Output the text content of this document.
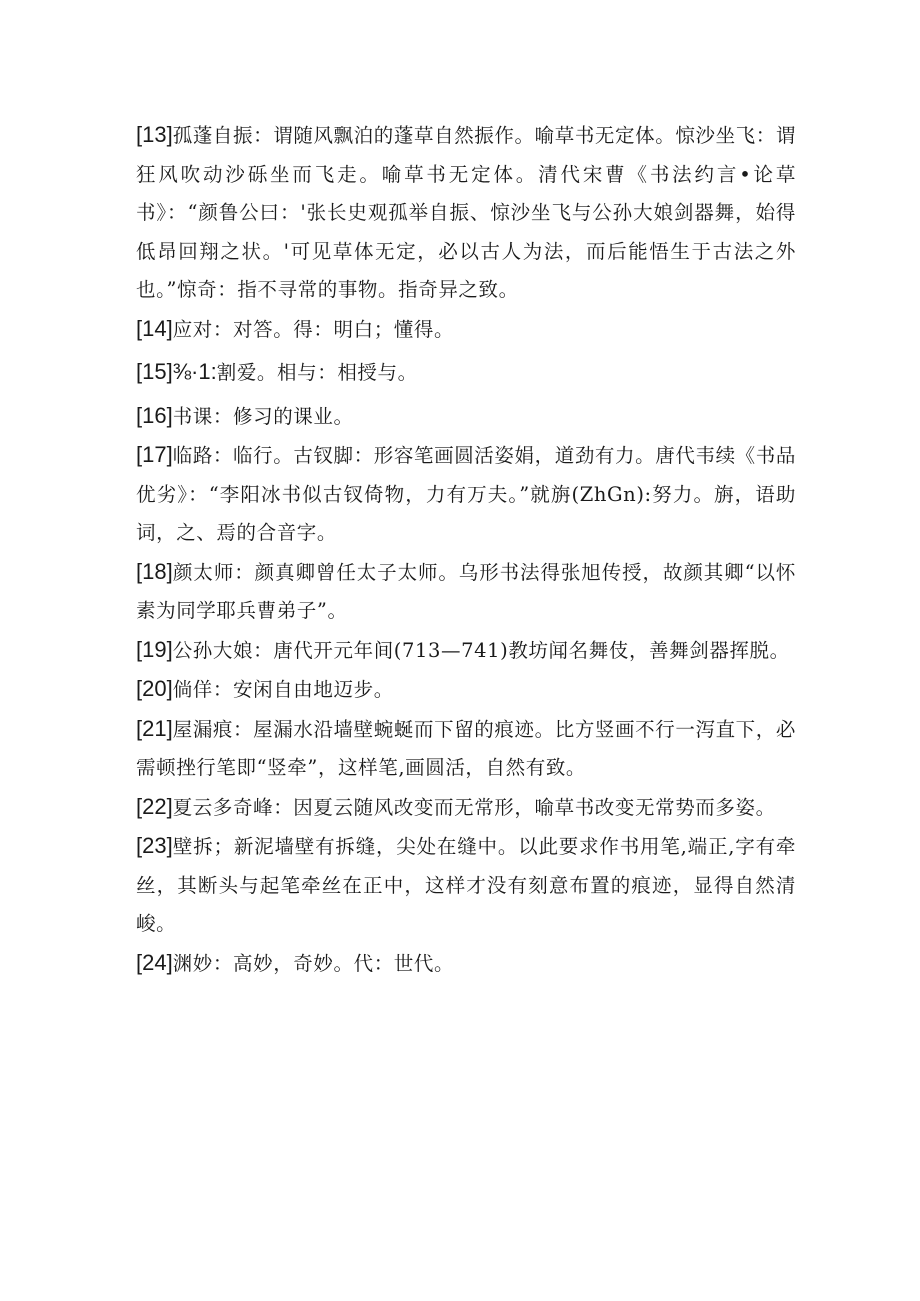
[13]孤蓬自振：谓随风飘泊的蓬草自然振作。喻草书无定体。惊沙坐飞：谓狂风吹动沙砾坐而飞走。喻草书无定体。清代宋曹《书法约言•论草书》：“颜鲁公曰：'张长史观孤举自振、惊沙坐飞与公孙大娘剑器舞，始得低昂回翔之状。'可见草体无定，必以古人为法，而后能悟生于古法之外也。”惊奇：指不寻常的事物。指奇异之致。

[14]应对：对答。得：明白；懂得。

[15]⅜·1:割爱。相与：相授与。

[16]书课：修习的课业。

[17]临路：临行。古钗脚：形容笔画圆活姿娟，道劲有力。唐代韦续《书品优劣》：“李阳冰书似古钗倚物，力有万夫。”就旃(ZhGn):努力。旃，语助词，之、焉的合音字。

[18]颜太师：颜真卿曾任太子太师。乌形书法得张旭传授，故颜其卿“以怀素为同学耶兵曹弟子”。

[19]公孙大娘：唐代开元年间(713—741)教坊闻名舞伎，善舞剑器挥脱。

[20]倘佯：安闲自由地迈步。

[21]屋漏痕：屋漏水沿墙壁蜿蜒而下留的痕迹。比方竖画不行一泻直下，必需顿挫行笔即“竖牵”，这样笔,画圆活，自然有致。

[22]夏云多奇峰：因夏云随风改变而无常形，喻草书改变无常势而多姿。

[23]壁拆；新泥墙壁有拆缝，尖处在缝中。以此要求作书用笔,端正,字有牵丝，其断头与起笔牵丝在正中，这样才没有刻意布置的痕迹，显得自然清峻。

[24]渊妙：高妙，奇妙。代：世代。
